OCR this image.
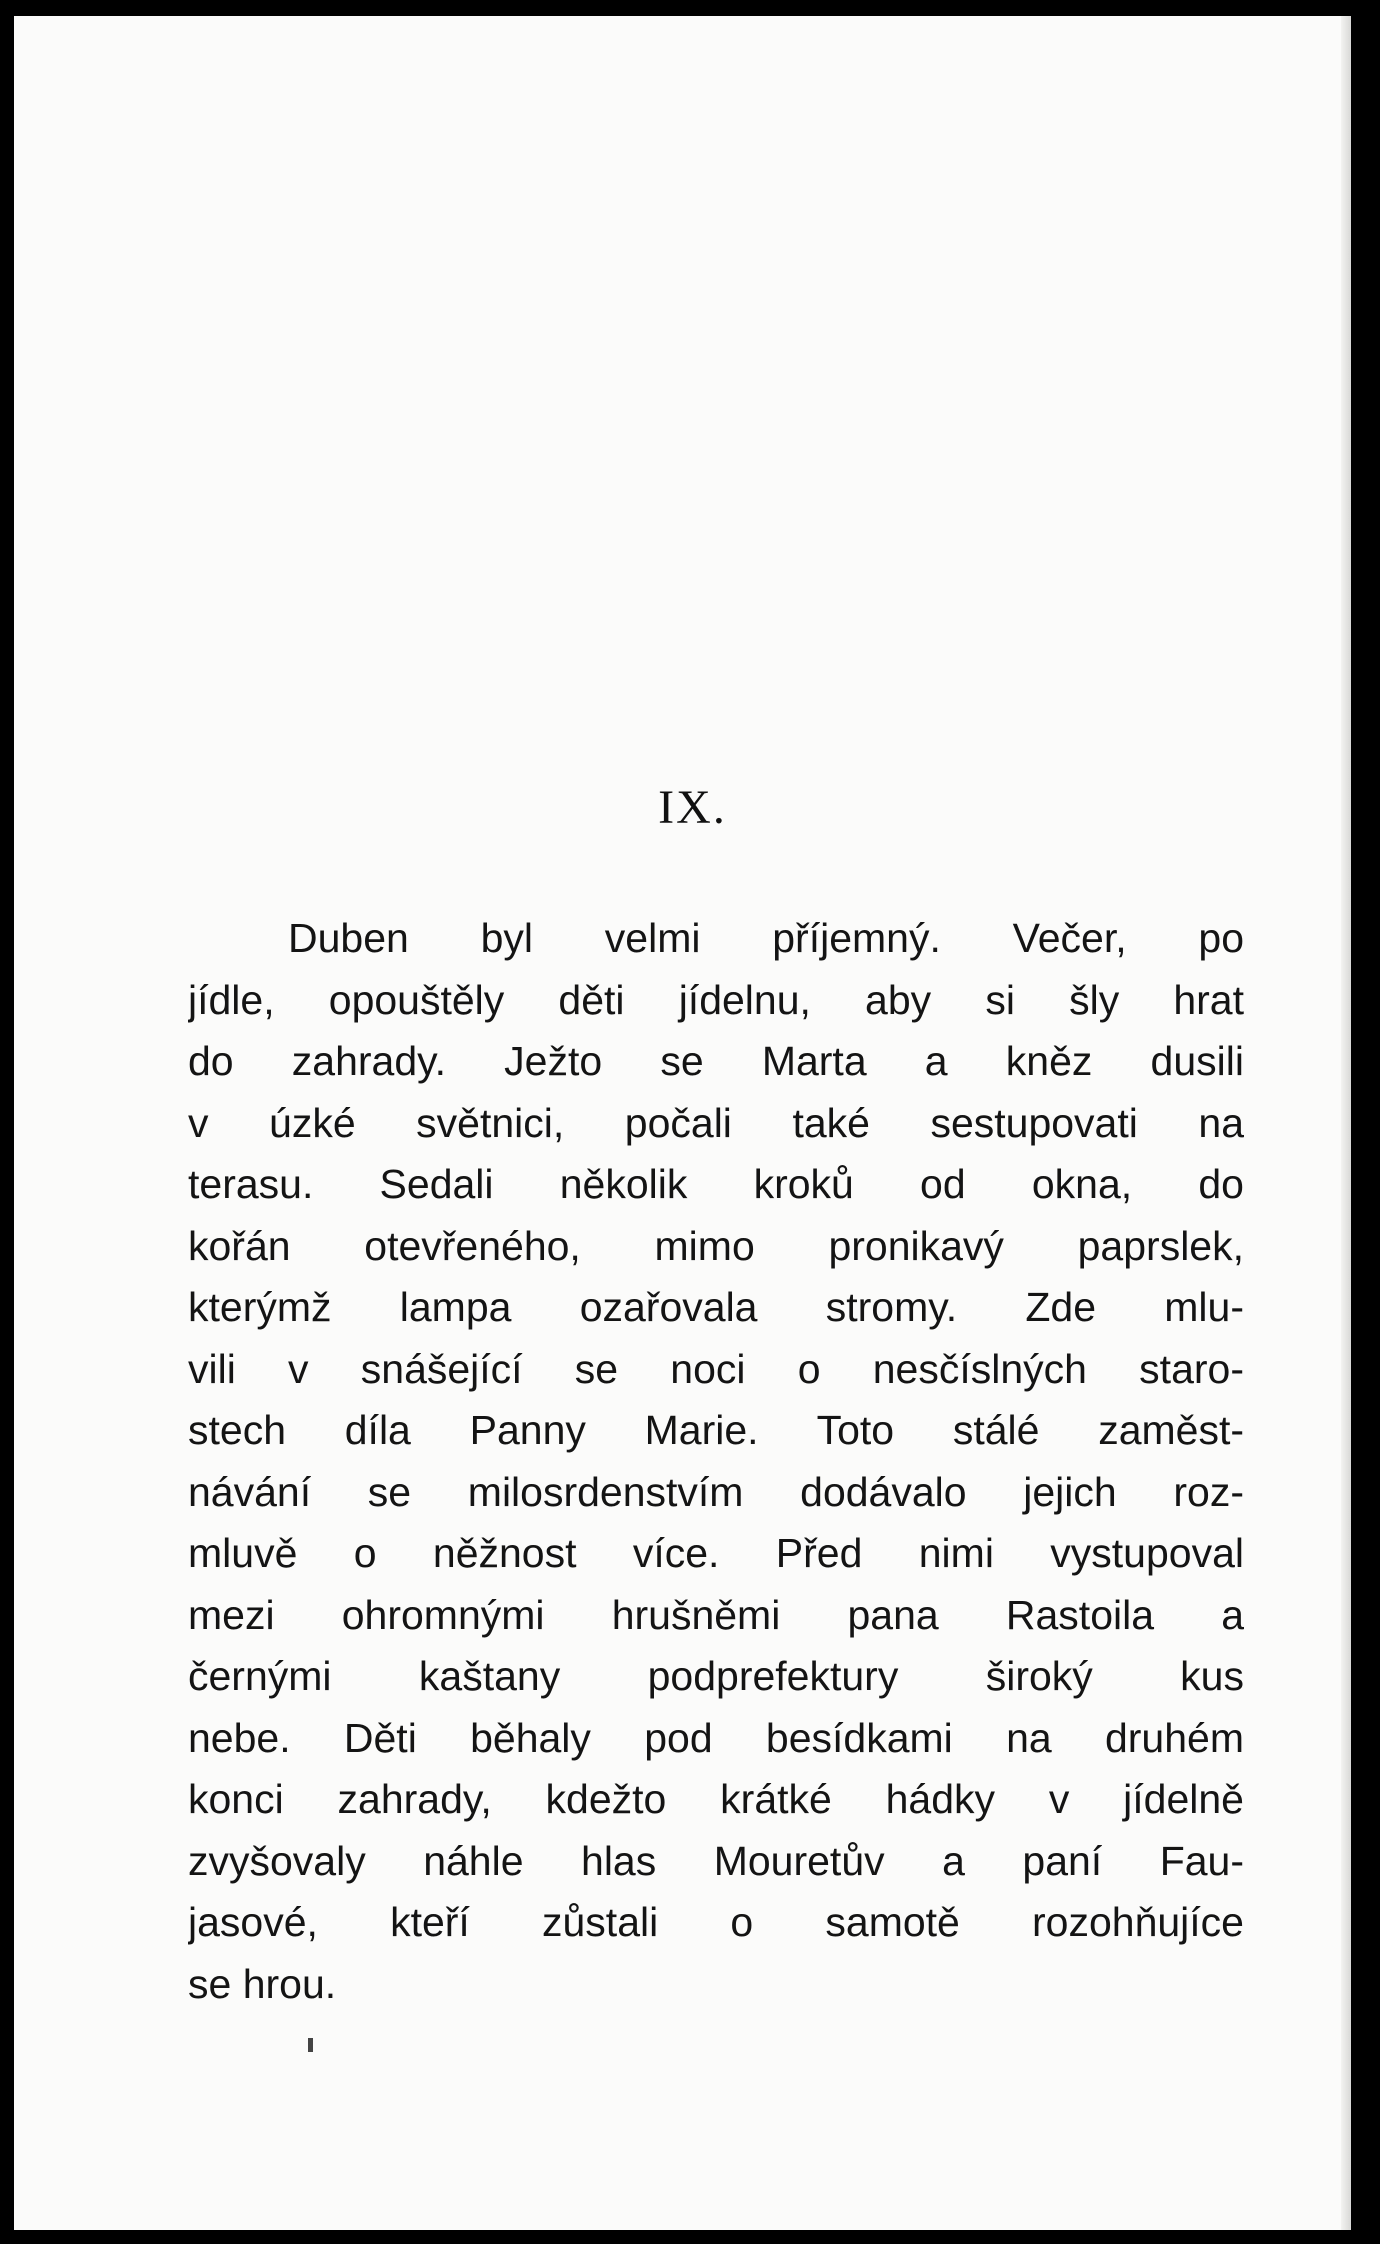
IX.
Duben byl velmi příjemný. Večer, po
jídle, opouštěly děti jídelnu, aby si šly hrat
do zahrady. Ježto se Marta a kněz dusili
v úzké světnici, počali také sestupovati na
terasu. Sedali několik kroků od okna, do
kořán otevřeného, mimo pronikavý paprslek,
kterýmž lampa ozařovala stromy. Zde mlu-
vili v snášející se noci o nesčíslných staro-
stech díla Panny Marie. Toto stálé zaměst-
návání se milosrdenstvím dodávalo jejich roz-
mluvě o něžnost více. Před nimi vystupoval
mezi ohromnými hrušněmi pana Rastoila a
černými kaštany podprefektury široký kus
nebe. Děti běhaly pod besídkami na druhém
konci zahrady, kdežto krátké hádky v jídelně
zvyšovaly náhle hlas Mouretův a paní Fau-
jasové, kteří zůstali o samotě rozohňujíce
se hrou.
